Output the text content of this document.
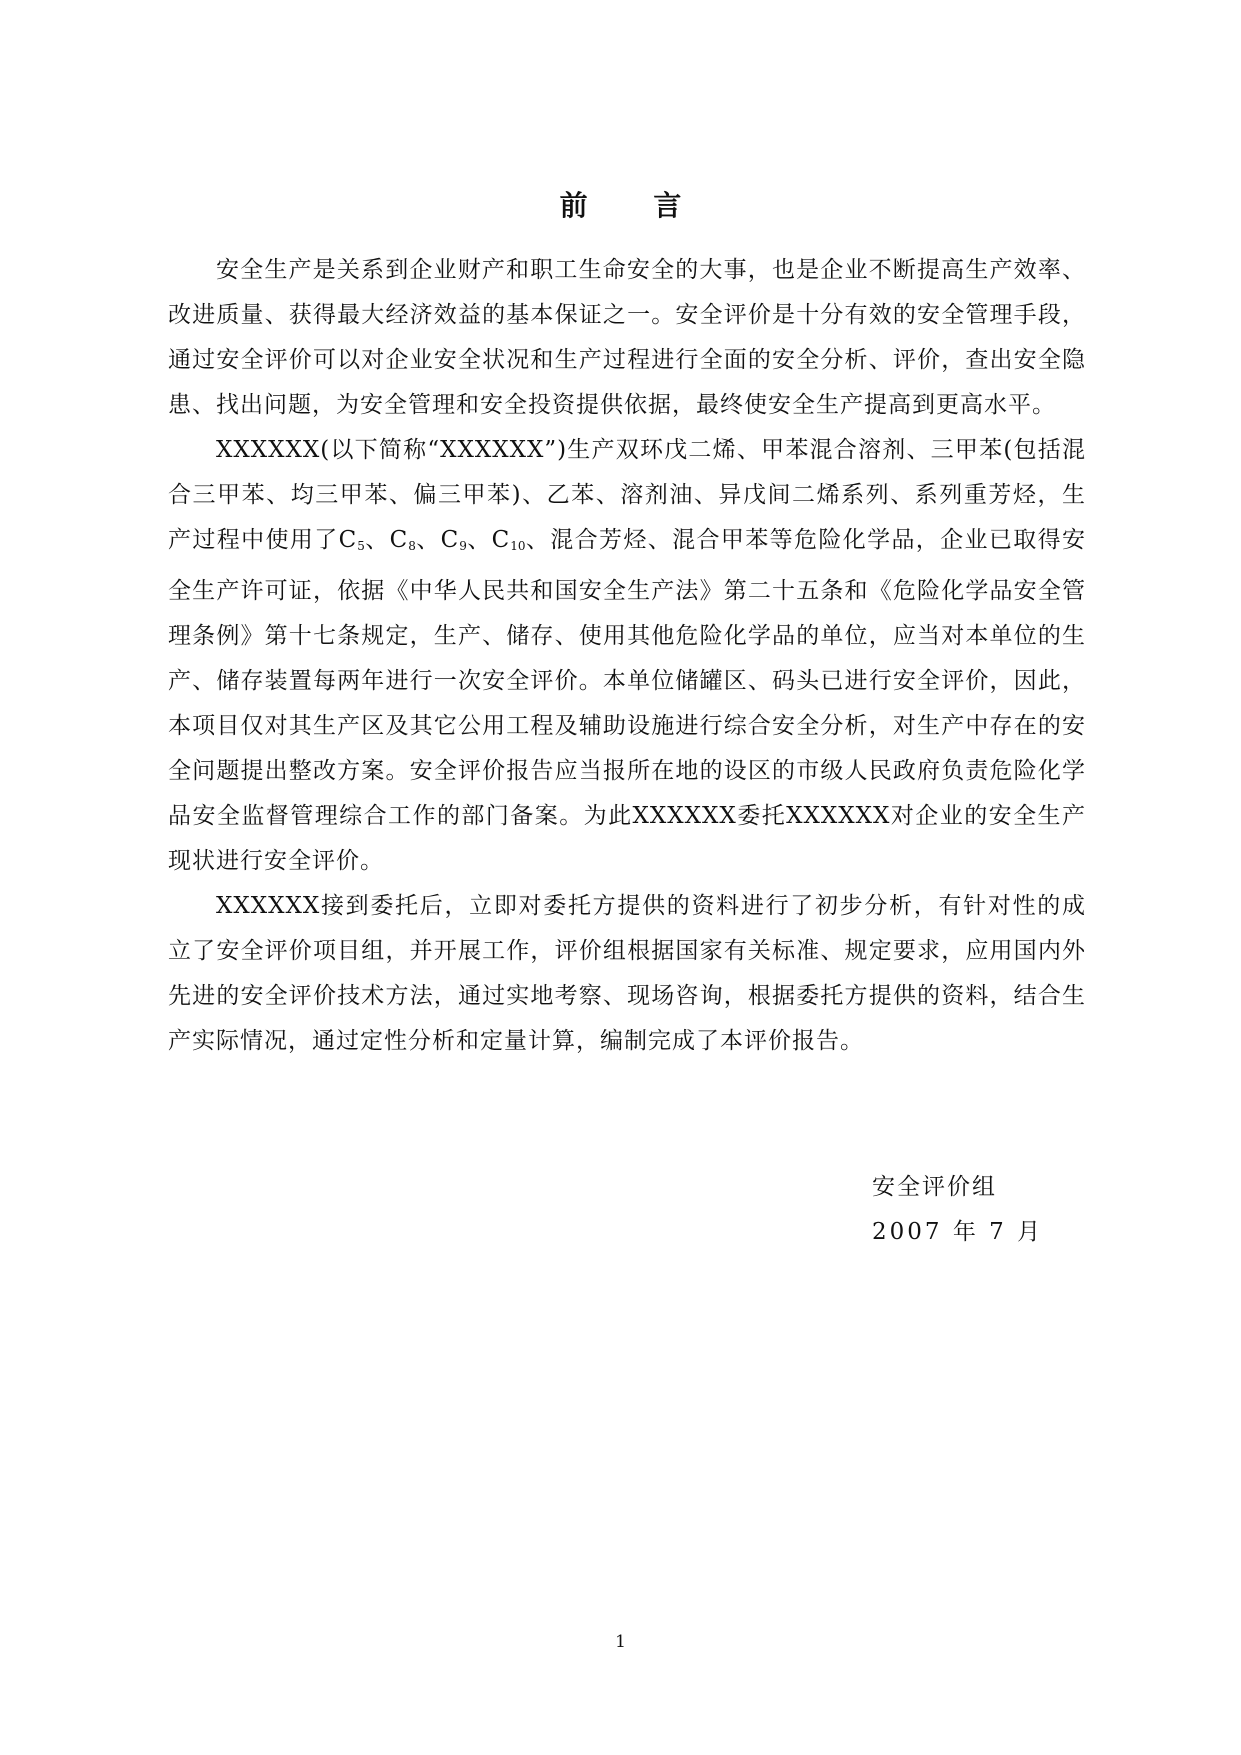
前 言

安全生产是关系到企业财产和职工生命安全的大事，也是企业不断提高生产效率、改进质量、获得最大经济效益的基本保证之一。安全评价是十分有效的安全管理手段，通过安全评价可以对企业安全状况和生产过程进行全面的安全分析、评价，查出安全隐患、找出问题，为安全管理和安全投资提供依据，最终使安全生产提高到更高水平。

XXXXXX(以下简称“XXXXXX”)生产双环戊二烯、甲苯混合溶剂、三甲苯(包括混合三甲苯、均三甲苯、偏三甲苯)、乙苯、溶剂油、异戊间二烯系列、系列重芳烃，生产过程中使用了$C_5$、$C_8$、$C_9$、$C_{10}$、混合芳烃、混合甲苯等危险化学品，企业已取得安全生产许可证，依据《中华人民共和国安全生产法》第二十五条和《危险化学品安全管理条例》第十七条规定，生产、储存、使用其他危险化学品的单位，应当对本单位的生产、储存装置每两年进行一次安全评价。本单位储罐区、码头已进行安全评价，因此，本项目仅对其生产区及其它公用工程及辅助设施进行综合安全分析，对生产中存在的安全问题提出整改方案。安全评价报告应当报所在地的设区的市级人民政府负责危险化学品安全监督管理综合工作的部门备案。为此XXXXXX委托XXXXXX对企业的安全生产现状进行安全评价。

XXXXXX接到委托后，立即对委托方提供的资料进行了初步分析，有针对性的成立了安全评价项目组，并开展工作，评价组根据国家有关标准、规定要求，应用国内外先进的安全评价技术方法，通过实地考察、现场咨询，根据委托方提供的资料，结合生产实际情况，通过定性分析和定量计算，编制完成了本评价报告。

安全评价组
2007 年 7 月
1
